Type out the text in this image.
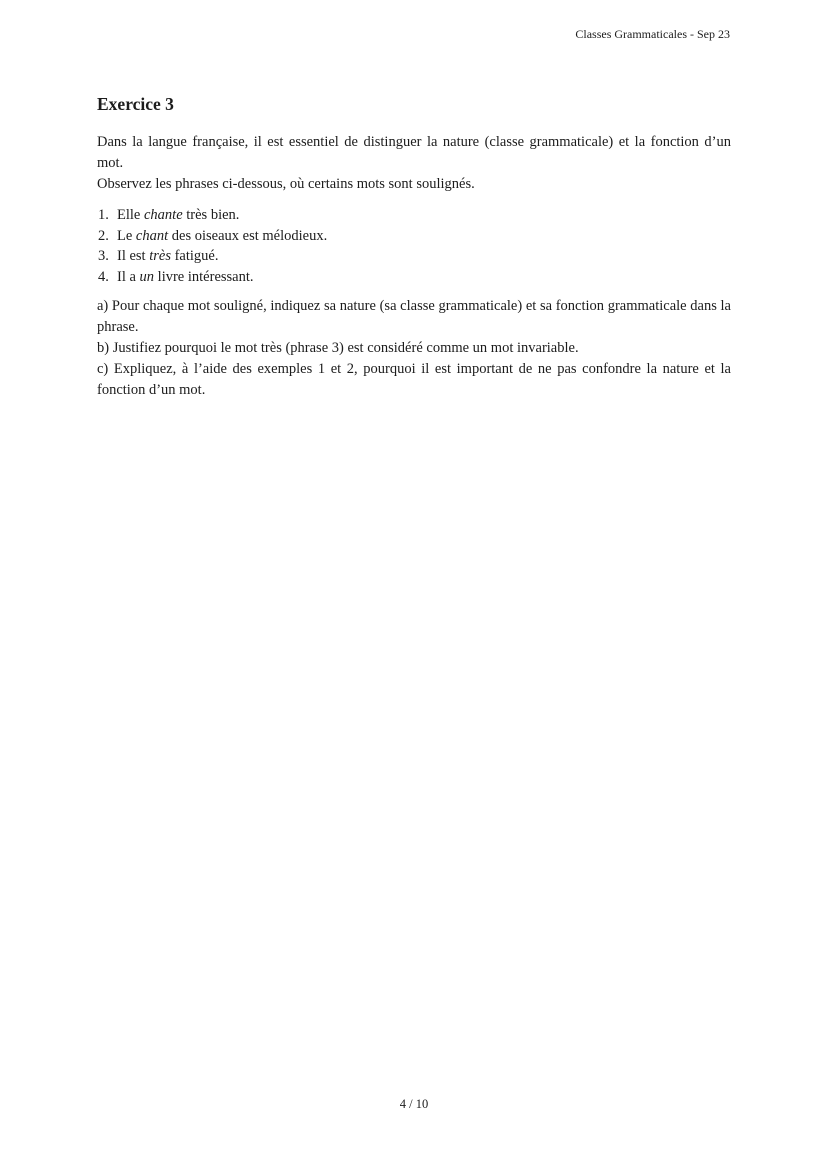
Classes Grammaticales - Sep 23
Exercice 3

Dans la langue française, il est essentiel de distinguer la nature (classe grammaticale) et la fonction d’un mot.

Observez les phrases ci-dessous, où certains mots sont soulignés.

1. Elle chante très bien.
2. Le chant des oiseaux est mélodieux.
3. Il est très fatigué.
4. Il a un livre intéressant.

a) Pour chaque mot souligné, indiquez sa nature (sa classe grammaticale) et sa fonction grammaticale dans la phrase.

b) Justifiez pourquoi le mot très (phrase 3) est considéré comme un mot invariable.

c) Expliquez, à l’aide des exemples 1 et 2, pourquoi il est important de ne pas confondre la nature et la fonction d’un mot.

4 / 10
